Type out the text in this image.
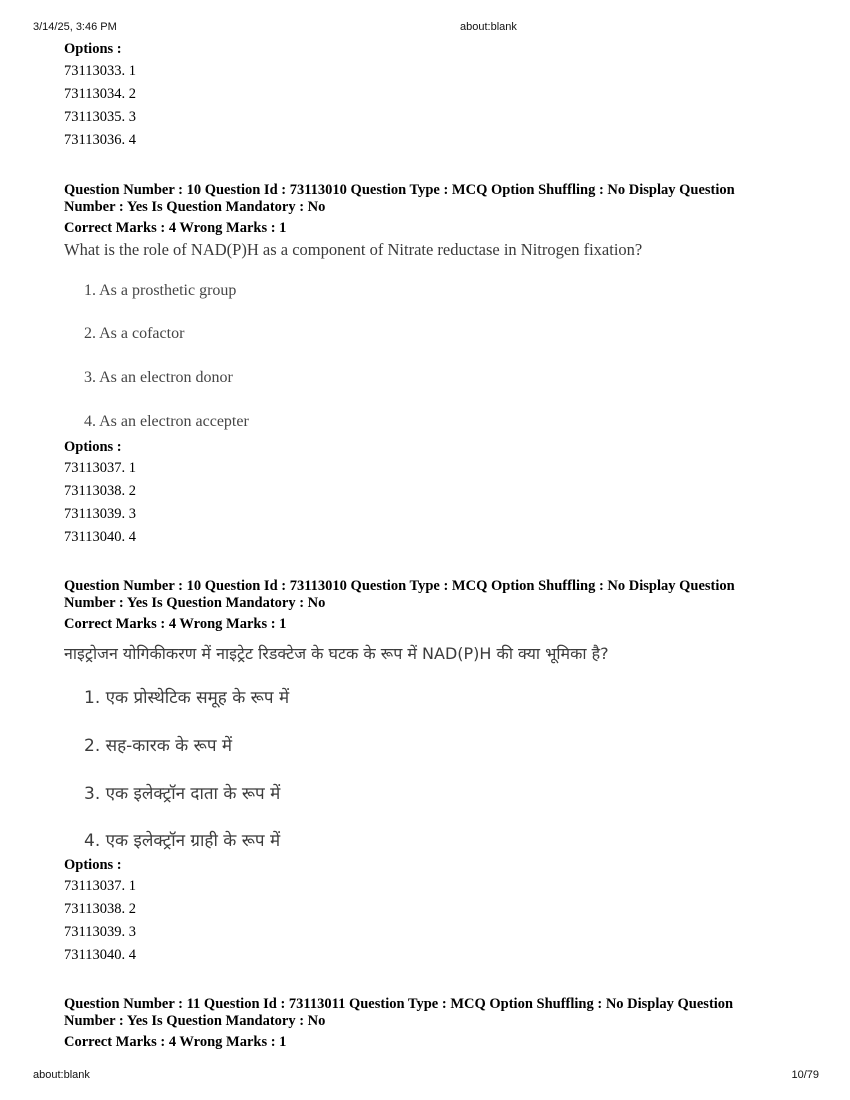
3/14/25, 3:46 PM	about:blank
Options :
73113033. 1
73113034. 2
73113035. 3
73113036. 4
Question Number : 10 Question Id : 73113010 Question Type : MCQ Option Shuffling : No Display Question
Number : Yes Is Question Mandatory : No
Correct Marks : 4 Wrong Marks : 1
What is the role of NAD(P)H as a component of Nitrate reductase in Nitrogen fixation?
1. As a prosthetic group
2. As a cofactor
3. As an electron donor
4. As an electron accepter
Options :
73113037. 1
73113038. 2
73113039. 3
73113040. 4
Question Number : 10 Question Id : 73113010 Question Type : MCQ Option Shuffling : No Display Question
Number : Yes Is Question Mandatory : No
Correct Marks : 4 Wrong Marks : 1
नाइट्रोजन योगिकीकरण में नाइट्रेट रिडक्टेज के घटक के रूप में NAD(P)H की क्या भूमिका है?
1. एक प्रोस्थेटिक समूह के रूप में
2. सह-कारक के रूप में
3. एक इलेक्ट्रॉन दाता के रूप में
4. एक इलेक्ट्रॉन ग्राही के रूप में
Options :
73113037. 1
73113038. 2
73113039. 3
73113040. 4
Question Number : 11 Question Id : 73113011 Question Type : MCQ Option Shuffling : No Display Question
Number : Yes Is Question Mandatory : No
Correct Marks : 4 Wrong Marks : 1
about:blank	10/79
